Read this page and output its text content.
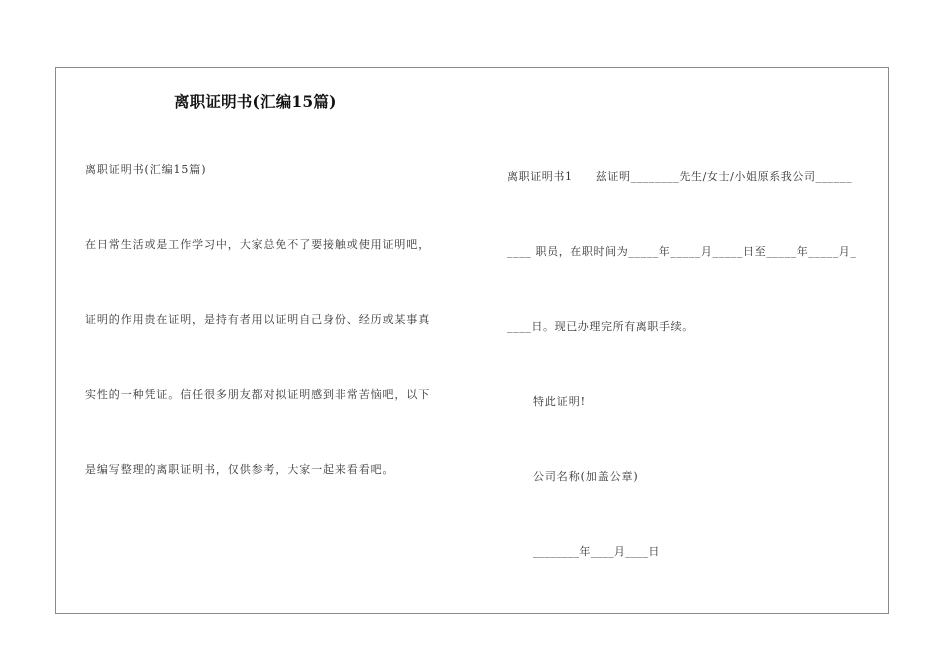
离职证明书(汇编15篇)
离职证明书(汇编15篇)
在日常生活或是工作学习中，大家总免不了要接触或使用证明吧，
证明的作用贵在证明，是持有者用以证明自己身份、经历或某事真
实性的一种凭证。信任很多朋友都对拟证明感到非常苦恼吧，以下
是编写整理的离职证明书，仅供参考，大家一起来看看吧。
离职证明书1　　兹证明________先生/女士/小姐原系我公司______
____ 职员，在职时间为_____年_____月_____日至_____年_____月_
____日。现已办理完所有离职手续。
特此证明!
公司名称(加盖公章)
________年____月____日
